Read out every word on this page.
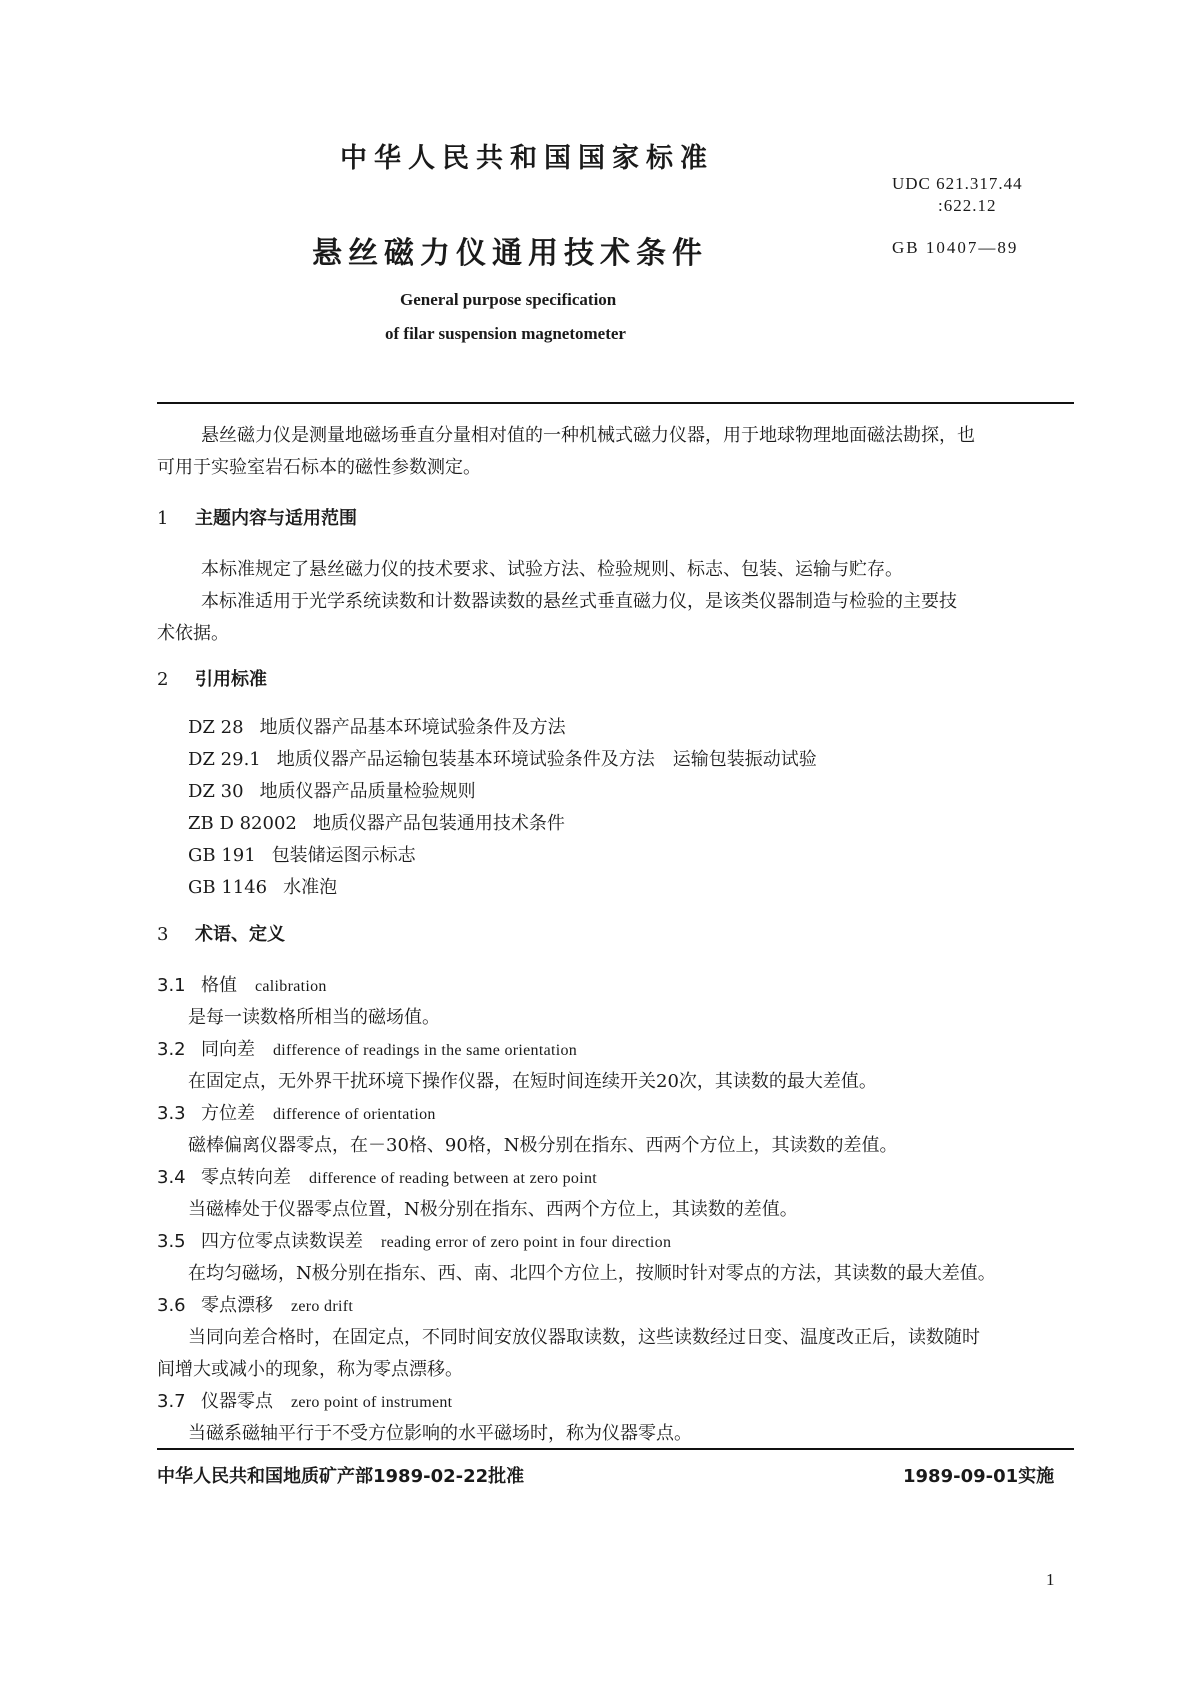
中华人民共和国国家标准
UDC 621.317.44
:622.12
悬丝磁力仪通用技术条件	GB 10407—89
General purpose specification
of filar suspension magnetometer
悬丝磁力仪是测量地磁场垂直分量相对值的一种机械式磁力仪器，用于地球物理地面磁法勘探，也
可用于实验室岩石标本的磁性参数测定。
1 主题内容与适用范围
本标准规定了悬丝磁力仪的技术要求、试验方法、检验规则、标志、包装、运输与贮存。
本标准适用于光学系统读数和计数器读数的悬丝式垂直磁力仪，是该类仪器制造与检验的主要技
术依据。
2 引用标准
DZ 28 地质仪器产品基本环境试验条件及方法
DZ 29.1 地质仪器产品运输包装基本环境试验条件及方法　运输包装振动试验
DZ 30 地质仪器产品质量检验规则
ZB D 82002 地质仪器产品包装通用技术条件
GB 191 包装储运图示标志
GB 1146 水准泡
3 术语、定义
3.1 格值 calibration
是每一读数格所相当的磁场值。
3.2 同向差 difference of readings in the same orientation
在固定点，无外界干扰环境下操作仪器，在短时间连续开关20次，其读数的最大差值。
3.3 方位差 difference of orientation
磁棒偏离仪器零点，在－30格、90格，N极分别在指东、西两个方位上，其读数的差值。
3.4 零点转向差 difference of reading between at zero point
当磁棒处于仪器零点位置，N极分别在指东、西两个方位上，其读数的差值。
3.5 四方位零点读数误差 reading error of zero point in four direction
在均匀磁场，N极分别在指东、西、南、北四个方位上，按顺时针对零点的方法，其读数的最大差值。
3.6 零点漂移 zero drift
当同向差合格时，在固定点，不同时间安放仪器取读数，这些读数经过日变、温度改正后，读数随时
间增大或减小的现象，称为零点漂移。
3.7 仪器零点 zero point of instrument
当磁系磁轴平行于不受方位影响的水平磁场时，称为仪器零点。
中华人民共和国地质矿产部1989-02-22批准	1989-09-01实施
1
